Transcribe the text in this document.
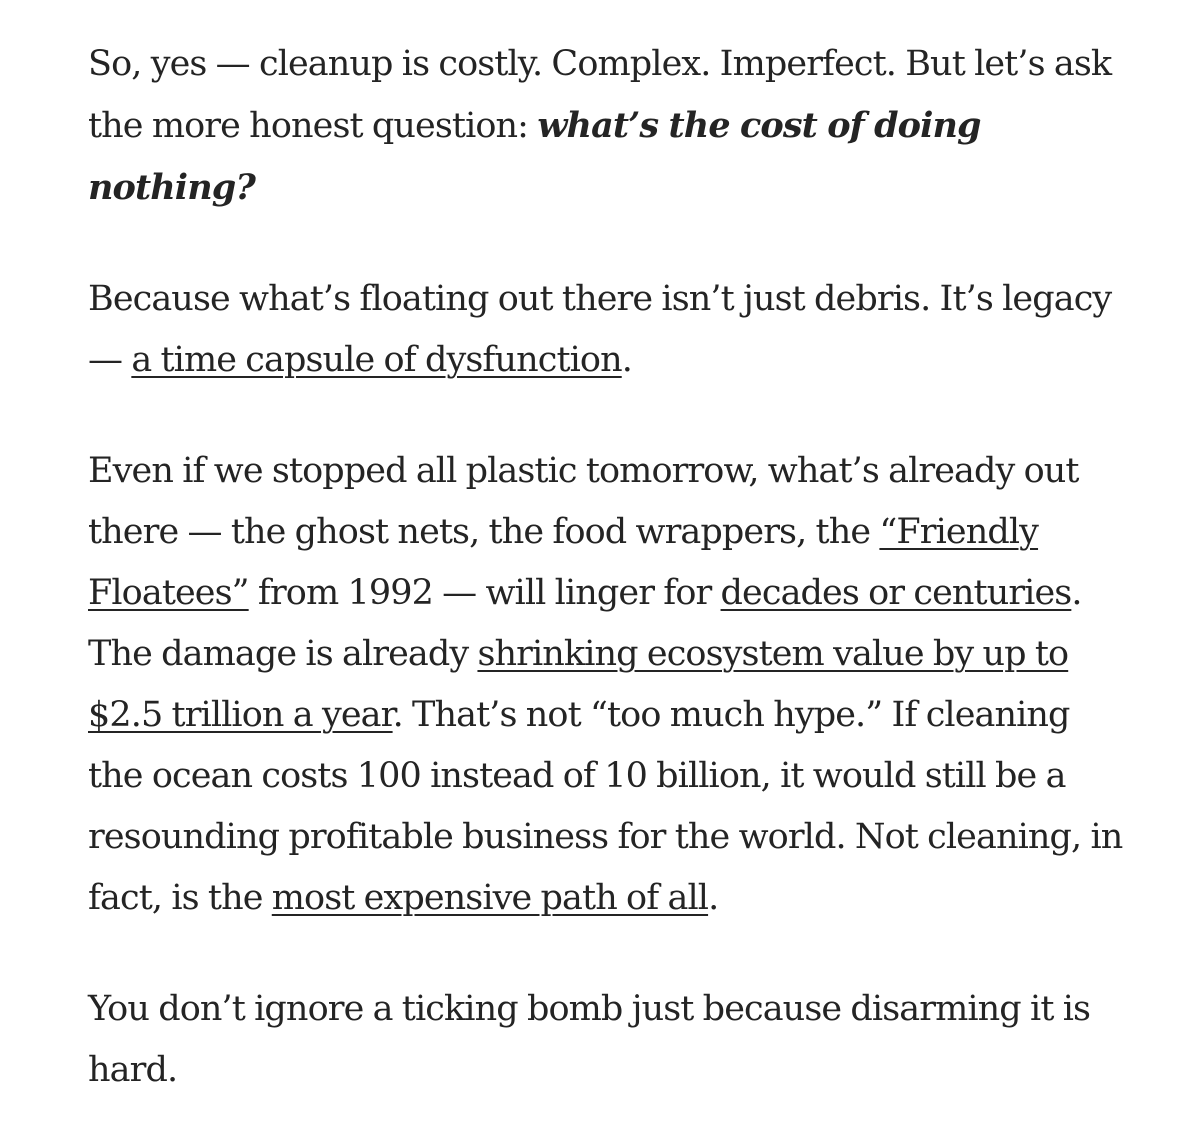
So, yes — cleanup is costly. Complex. Imperfect. But let’s ask the more honest question: what’s the cost of doing nothing?

Because what’s floating out there isn’t just debris. It’s legacy — a time capsule of dysfunction.

Even if we stopped all plastic tomorrow, what’s already out there — the ghost nets, the food wrappers, the “Friendly Floatees” from 1992 — will linger for decades or centuries. The damage is already shrinking ecosystem value by up to $2.5 trillion a year. That’s not “too much hype.” If cleaning the ocean costs 100 instead of 10 billion, it would still be a resounding profitable business for the world. Not cleaning, in fact, is the most expensive path of all.

You don’t ignore a ticking bomb just because disarming it is hard.
